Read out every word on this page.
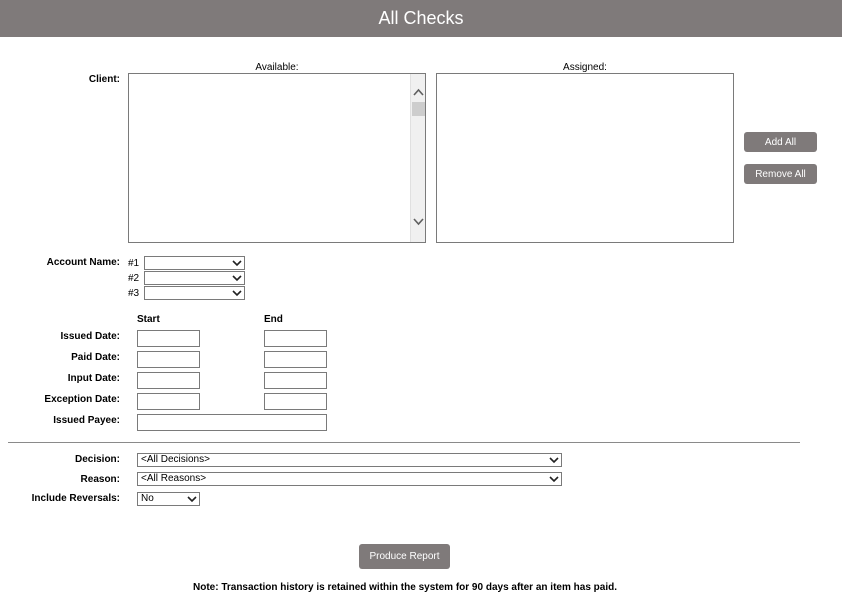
All Checks
Client:
Available:	Assigned:
Add All
Remove All
Account Name: #1
#2
#3
Start	End
Issued Date:
Paid Date:
Input Date:
Exception Date:
Issued Payee:
Decision:	<All Decisions>
Reason:	<All Reasons>
Include Reversals:	No
Produce Report
Note: Transaction history is retained within the system for 90 days after an item has paid.
